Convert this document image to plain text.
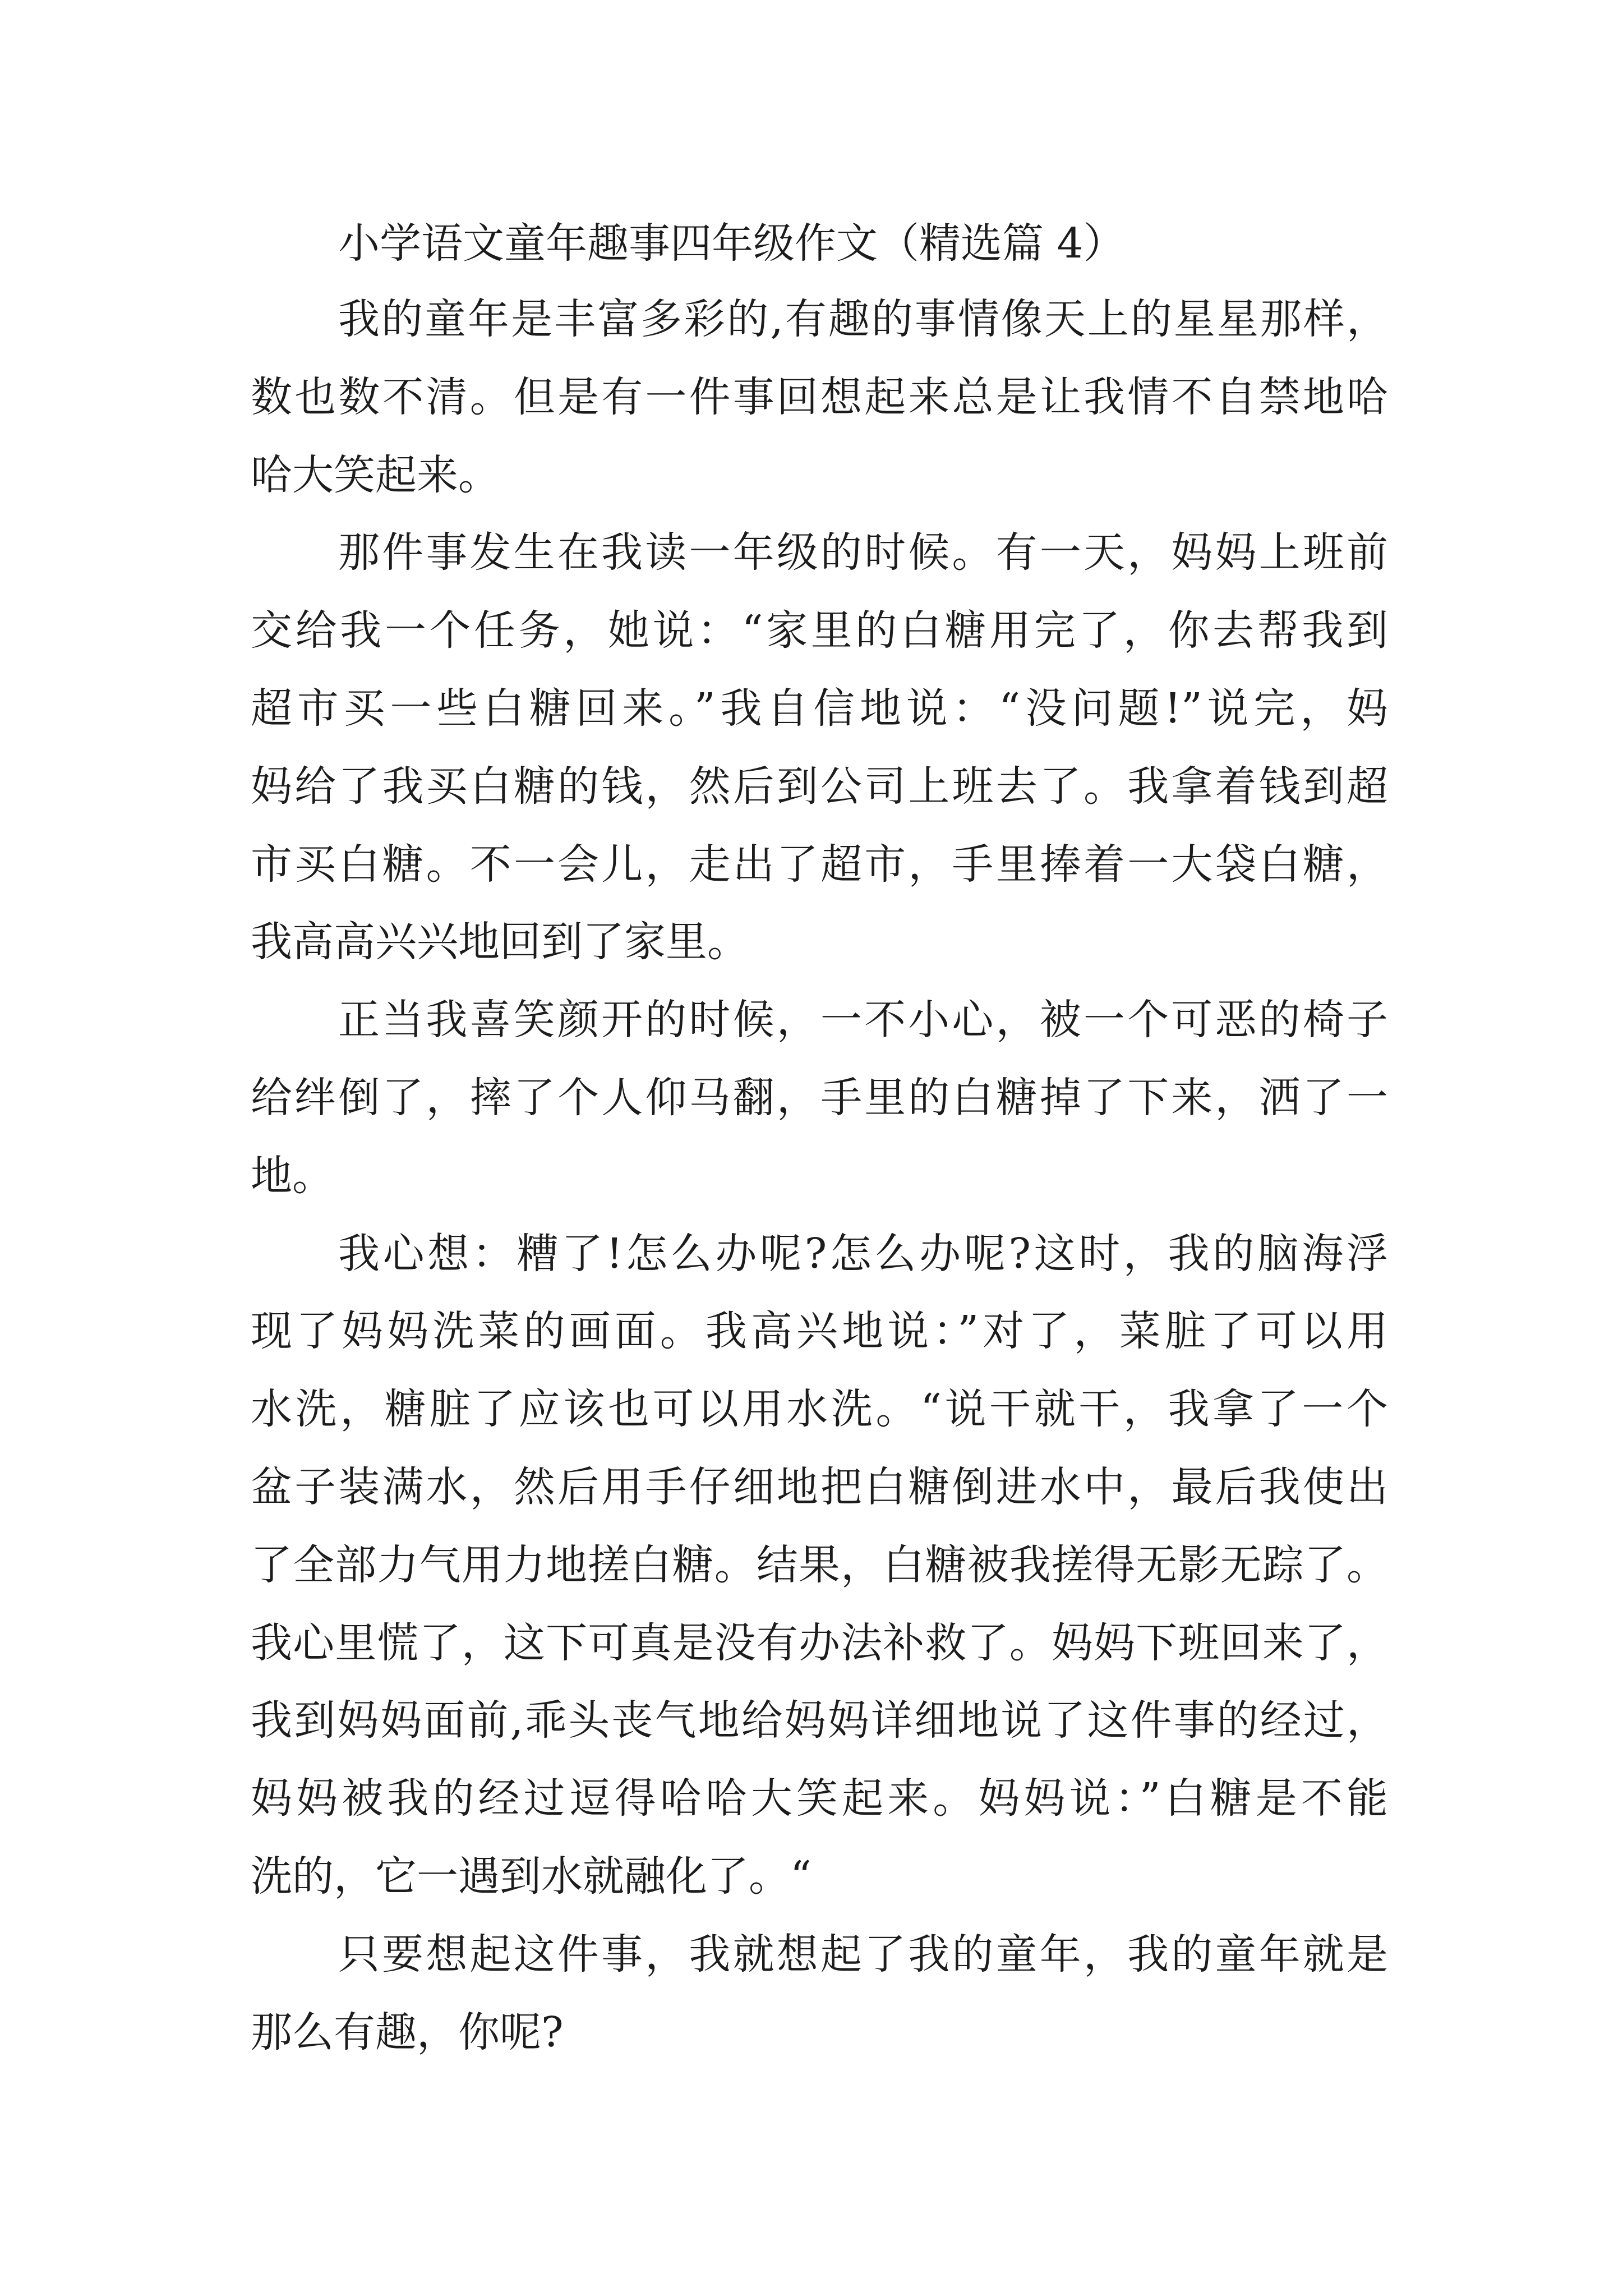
小学语文童年趣事四年级作文（精选篇 4）
我的童年是丰富多彩的,有趣的事情像天上的星星那样，
数也数不清。但是有一件事回想起来总是让我情不自禁地哈
哈大笑起来。
那件事发生在我读一年级的时候。有一天，妈妈上班前
交给我一个任务，她说：“家里的白糖用完了，你去帮我到
超市买一些白糖回来。”我自信地说：“没问题!”说完，妈
妈给了我买白糖的钱，然后到公司上班去了。我拿着钱到超
市买白糖。不一会儿，走出了超市，手里捧着一大袋白糖，
我高高兴兴地回到了家里。
正当我喜笑颜开的时候，一不小心，被一个可恶的椅子
给绊倒了，摔了个人仰马翻，手里的白糖掉了下来，洒了一
地。
我心想：糟了!怎么办呢?怎么办呢?这时，我的脑海浮
现了妈妈洗菜的画面。我高兴地说：”对了，菜脏了可以用
水洗，糖脏了应该也可以用水洗。“说干就干，我拿了一个
盆子装满水，然后用手仔细地把白糖倒进水中，最后我使出
了全部力气用力地搓白糖。结果，白糖被我搓得无影无踪了。
我心里慌了，这下可真是没有办法补救了。妈妈下班回来了，
我到妈妈面前,乖头丧气地给妈妈详细地说了这件事的经过，
妈妈被我的经过逗得哈哈大笑起来。妈妈说：”白糖是不能
洗的，它一遇到水就融化了。“
只要想起这件事，我就想起了我的童年，我的童年就是
那么有趣，你呢?
